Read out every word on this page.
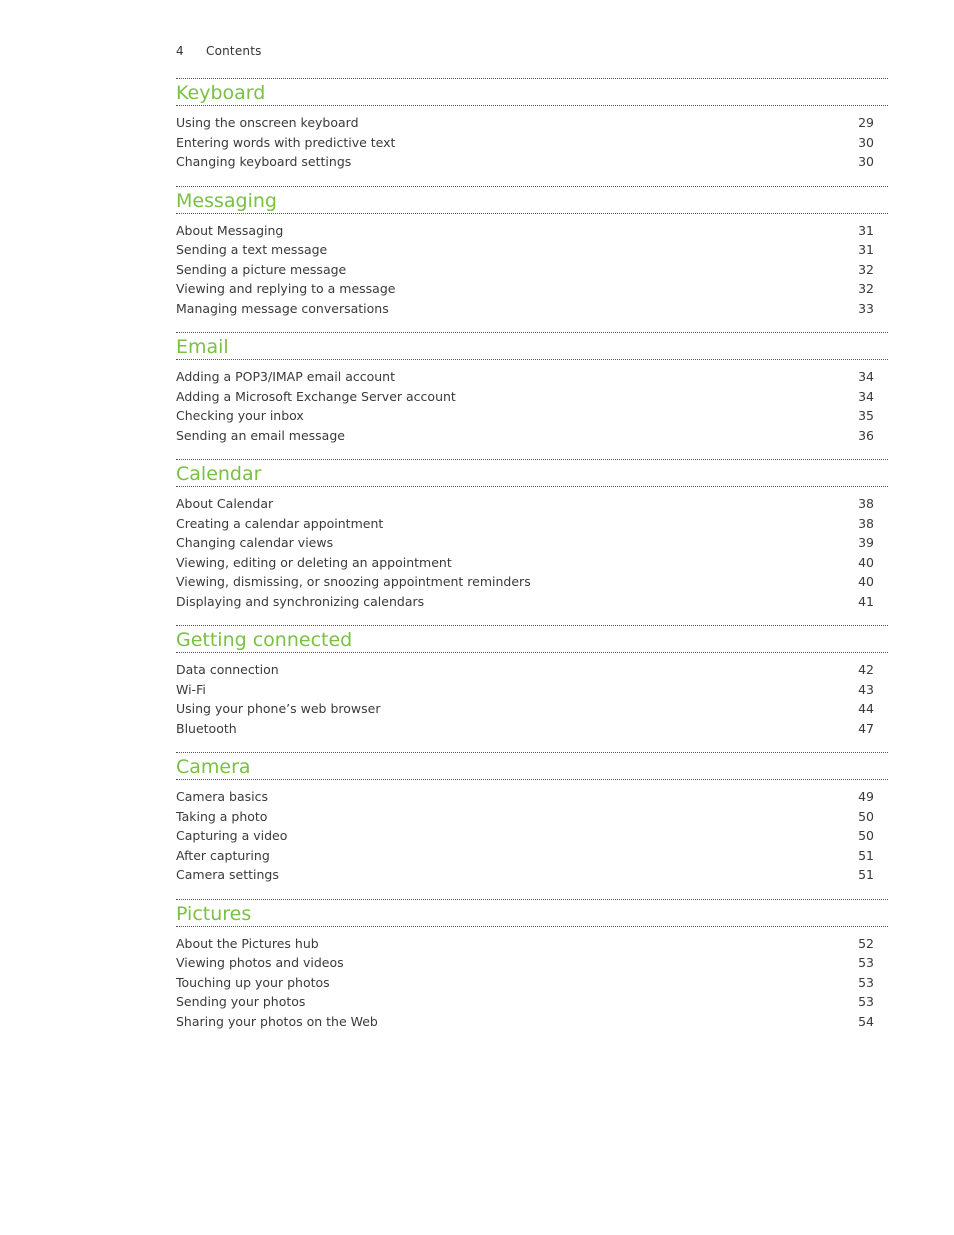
4 Contents
Keyboard
Using the onscreen keyboard	29
Entering words with predictive text	30
Changing keyboard settings	30
Messaging
About Messaging	31
Sending a text message	31
Sending a picture message	32
Viewing and replying to a message	32
Managing message conversations	33
Email
Adding a POP3/IMAP email account	34
Adding a Microsoft Exchange Server account	34
Checking your inbox	35
Sending an email message	36
Calendar
About Calendar	38
Creating a calendar appointment	38
Changing calendar views	39
Viewing, editing or deleting an appointment	40
Viewing, dismissing, or snoozing appointment reminders	40
Displaying and synchronizing calendars	41
Getting connected
Data connection	42
Wi-Fi	43
Using your phone’s web browser	44
Bluetooth	47
Camera
Camera basics	49
Taking a photo	50
Capturing a video	50
After capturing	51
Camera settings	51
Pictures
About the Pictures hub	52
Viewing photos and videos	53
Touching up your photos	53
Sending your photos	53
Sharing your photos on the Web	54
